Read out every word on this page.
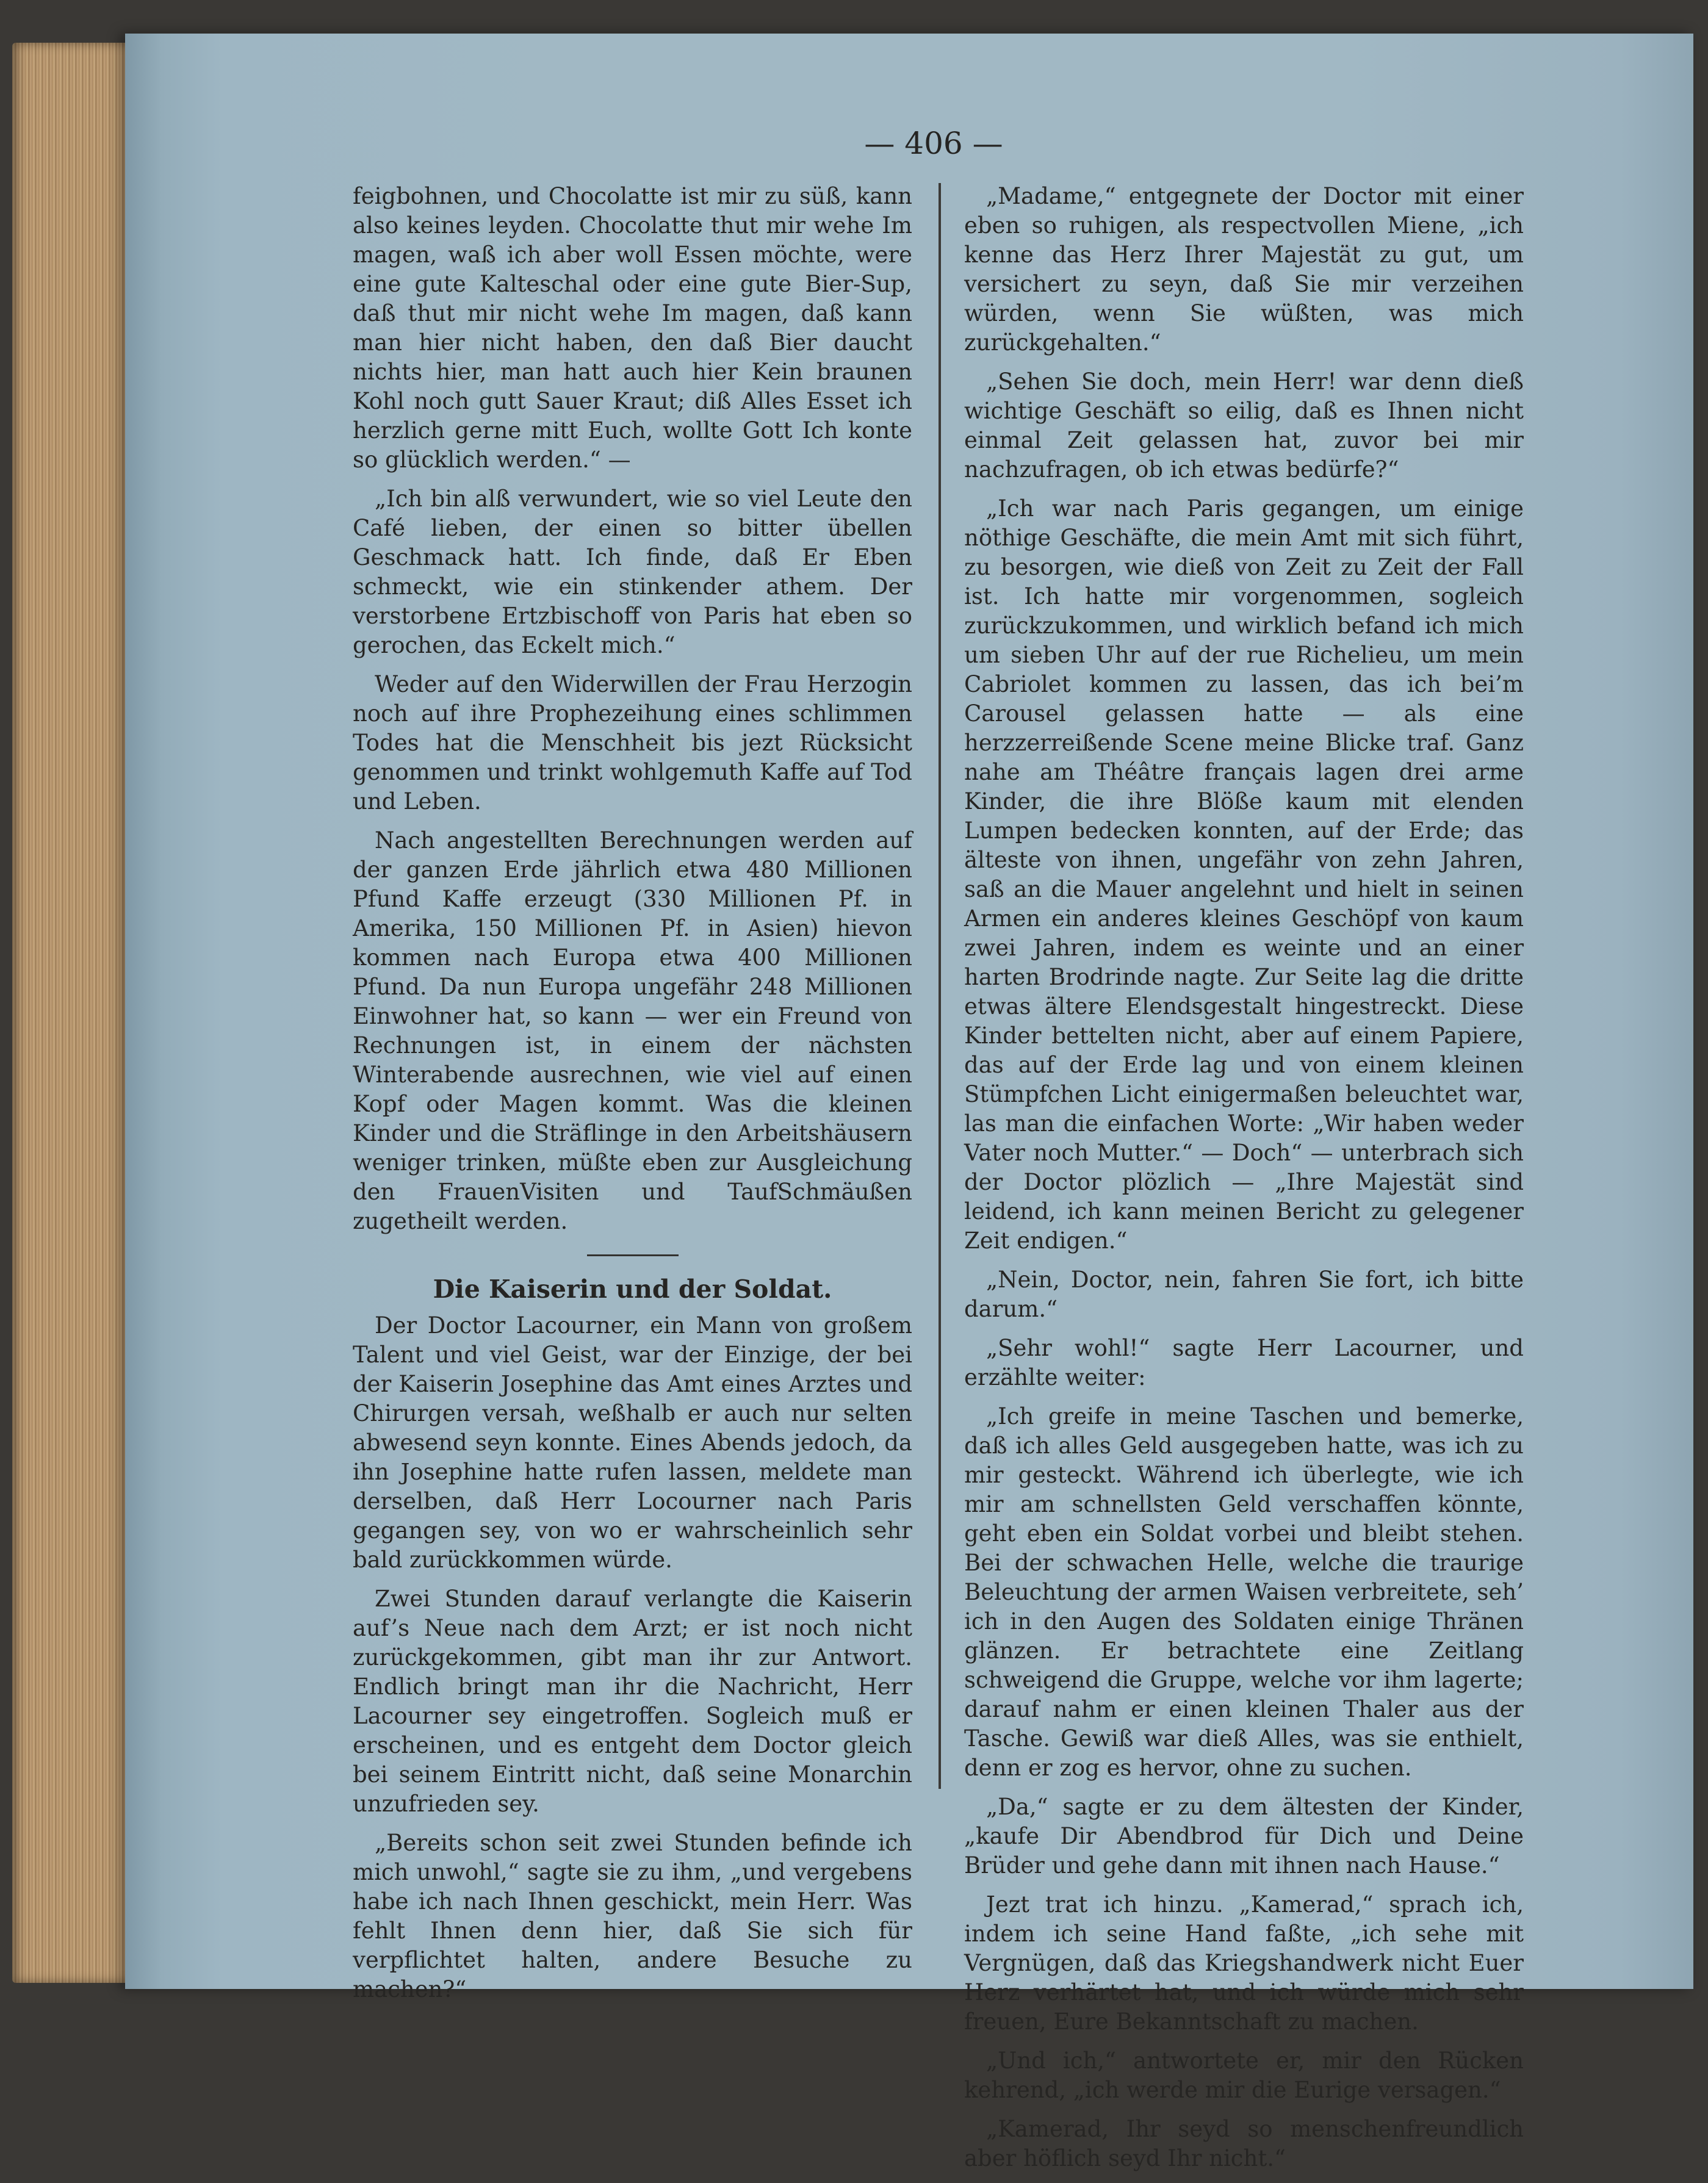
— 406 —

feigbohnen, und Chocolatte ist mir zu süß, kann also keines leyden. Chocolatte thut mir wehe Im magen, waß ich aber woll Essen möchte, were eine gute Kalteschal oder eine gute Bier-Sup, daß thut mir nicht wehe Im magen, daß kann man hier nicht haben, den daß Bier daucht nichts hier, man hatt auch hier Kein braunen Kohl noch gutt Sauer Kraut; diß Alles Esset ich herzlich gerne mitt Euch, wollte Gott Ich konte so glücklich werden.“ —

„Ich bin alß verwundert, wie so viel Leute den Café lieben, der einen so bitter übellen Geschmack hatt. Ich finde, daß Er Eben schmeckt, wie ein stinkender athem. Der verstorbene Ertzbischoff von Paris hat eben so gerochen, das Eckelt mich.“

Weder auf den Widerwillen der Frau Herzogin noch auf ihre Prophezeihung eines schlimmen Todes hat die Menschheit bis jezt Rücksicht genommen und trinkt wohlgemuth Kaffe auf Tod und Leben.

Nach angestellten Berechnungen werden auf der ganzen Erde jährlich etwa 480 Millionen Pfund Kaffe erzeugt (330 Millionen Pf. in Amerika, 150 Millionen Pf. in Asien) hievon kommen nach Europa etwa 400 Millionen Pfund. Da nun Europa ungefähr 248 Millionen Einwohner hat, so kann — wer ein Freund von Rechnungen ist, in einem der nächsten Winterabende ausrechnen, wie viel auf einen Kopf oder Magen kommt. Was die kleinen Kinder und die Sträflinge in den Arbeitshäusern weniger trinken, müßte eben zur Ausgleichung den FrauenVisiten und TaufSchmäußen zugetheilt werden.

Die Kaiserin und der Soldat.

Der Doctor Lacourner, ein Mann von großem Talent und viel Geist, war der Einzige, der bei der Kaiserin Josephine das Amt eines Arztes und Chirurgen versah, weßhalb er auch nur selten abwesend seyn konnte. Eines Abends jedoch, da ihn Josephine hatte rufen lassen, meldete man derselben, daß Herr Locourner nach Paris gegangen sey, von wo er wahrscheinlich sehr bald zurückkommen würde.

Zwei Stunden darauf verlangte die Kaiserin auf’s Neue nach dem Arzt; er ist noch nicht zurückgekommen, gibt man ihr zur Antwort. Endlich bringt man ihr die Nachricht, Herr Lacourner sey eingetroffen. Sogleich muß er erscheinen, und es entgeht dem Doctor gleich bei seinem Eintritt nicht, daß seine Monarchin unzufrieden sey.

„Bereits schon seit zwei Stunden befinde ich mich unwohl,“ sagte sie zu ihm, „und vergebens habe ich nach Ihnen geschickt, mein Herr. Was fehlt Ihnen denn hier, daß Sie sich für verpflichtet halten, andere Besuche zu machen?“

„Madame,“ entgegnete der Doctor mit einer eben so ruhigen, als respectvollen Miene, „ich kenne das Herz Ihrer Majestät zu gut, um versichert zu seyn, daß Sie mir verzeihen würden, wenn Sie wüßten, was mich zurückgehalten.“

„Sehen Sie doch, mein Herr! war denn dieß wichtige Geschäft so eilig, daß es Ihnen nicht einmal Zeit gelassen hat, zuvor bei mir nachzufragen, ob ich etwas bedürfe?“

„Ich war nach Paris gegangen, um einige nöthige Geschäfte, die mein Amt mit sich führt, zu besorgen, wie dieß von Zeit zu Zeit der Fall ist. Ich hatte mir vorgenommen, sogleich zurückzukommen, und wirklich befand ich mich um sieben Uhr auf der rue Richelieu, um mein Cabriolet kommen zu lassen, das ich bei’m Carousel gelassen hatte — als eine herzzerreißende Scene meine Blicke traf. Ganz nahe am Théâtre français lagen drei arme Kinder, die ihre Blöße kaum mit elenden Lumpen bedecken konnten, auf der Erde; das älteste von ihnen, ungefähr von zehn Jahren, saß an die Mauer angelehnt und hielt in seinen Armen ein anderes kleines Geschöpf von kaum zwei Jahren, indem es weinte und an einer harten Brodrinde nagte. Zur Seite lag die dritte etwas ältere Elendsgestalt hingestreckt. Diese Kinder bettelten nicht, aber auf einem Papiere, das auf der Erde lag und von einem kleinen Stümpfchen Licht einigermaßen beleuchtet war, las man die einfachen Worte: „Wir haben weder Vater noch Mutter.“ — Doch“ — unterbrach sich der Doctor plözlich — „Ihre Majestät sind leidend, ich kann meinen Bericht zu gelegener Zeit endigen.“

„Nein, Doctor, nein, fahren Sie fort, ich bitte darum.“

„Sehr wohl!“ sagte Herr Lacourner, und erzählte weiter:

„Ich greife in meine Taschen und bemerke, daß ich alles Geld ausgegeben hatte, was ich zu mir gesteckt. Während ich überlegte, wie ich mir am schnellsten Geld verschaffen könnte, geht eben ein Soldat vorbei und bleibt stehen. Bei der schwachen Helle, welche die traurige Beleuchtung der armen Waisen verbreitete, seh’ ich in den Augen des Soldaten einige Thränen glänzen. Er betrachtete eine Zeitlang schweigend die Gruppe, welche vor ihm lagerte; darauf nahm er einen kleinen Thaler aus der Tasche. Gewiß war dieß Alles, was sie enthielt, denn er zog es hervor, ohne zu suchen.

„Da,“ sagte er zu dem ältesten der Kinder, „kaufe Dir Abendbrod für Dich und Deine Brüder und gehe dann mit ihnen nach Hause.“

Jezt trat ich hinzu. „Kamerad,“ sprach ich, indem ich seine Hand faßte, „ich sehe mit Vergnügen, daß das Kriegshandwerk nicht Euer Herz verhärtet hat, und ich würde mich sehr freuen, Eure Bekanntschaft zu machen.

„Und ich,“ antwortete er, mir den Rücken kehrend, „ich werde mir die Eurige versagen.“

„Kamerad, Ihr seyd so menschenfreundlich aber höflich seyd Ihr nicht.“
